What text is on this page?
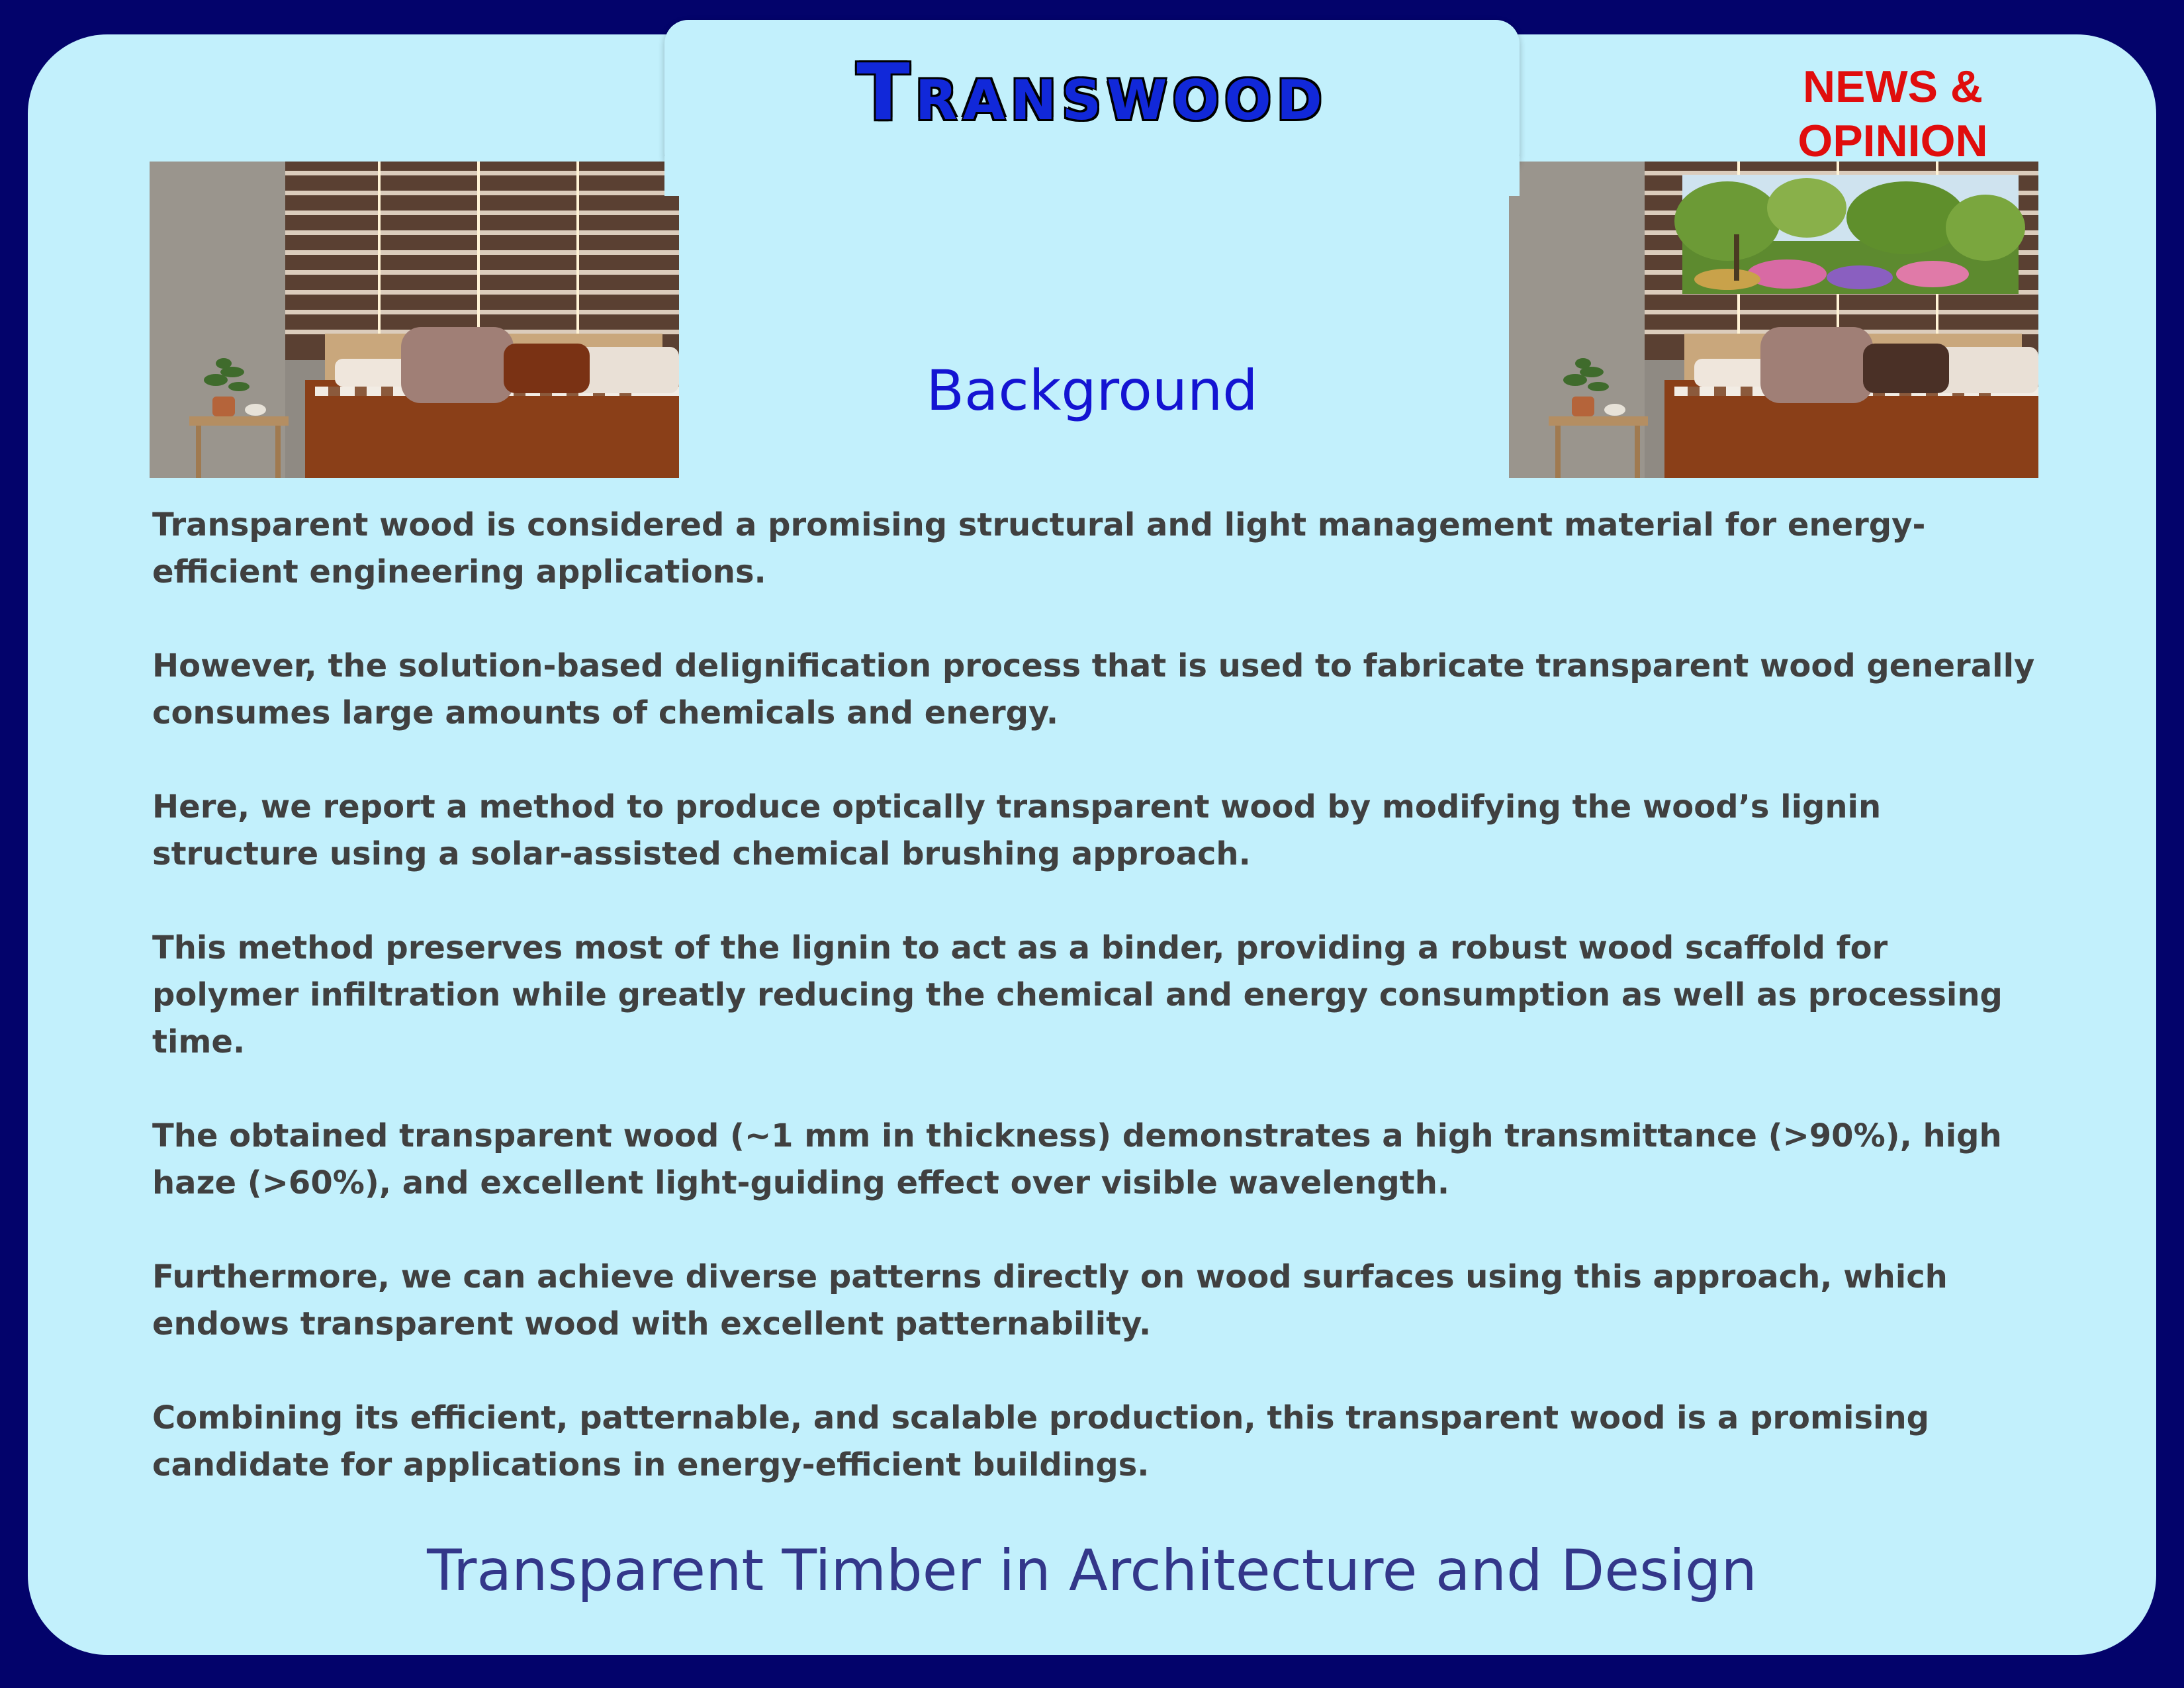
Transwood	NEWS &
OPINION
Background

Transparent wood is considered a promising structural and light management material for energy-efficient engineering applications.

However, the solution-based delignification process that is used to fabricate transparent wood generally consumes large amounts of chemicals and energy.

Here, we report a method to produce optically transparent wood by modifying the wood’s lignin structure using a solar-assisted chemical brushing approach.

This method preserves most of the lignin to act as a binder, providing a robust wood scaffold for polymer infiltration while greatly reducing the chemical and energy consumption as well as processing time.

The obtained transparent wood (~1 mm in thickness) demonstrates a high transmittance (>90%), high haze (>60%), and excellent light-guiding effect over visible wavelength.

Furthermore, we can achieve diverse patterns directly on wood surfaces using this approach, which endows transparent wood with excellent patternability.

Combining its efficient, patternable, and scalable production, this transparent wood is a promising candidate for applications in energy-efficient buildings.

Transparent Timber in Architecture and Design
